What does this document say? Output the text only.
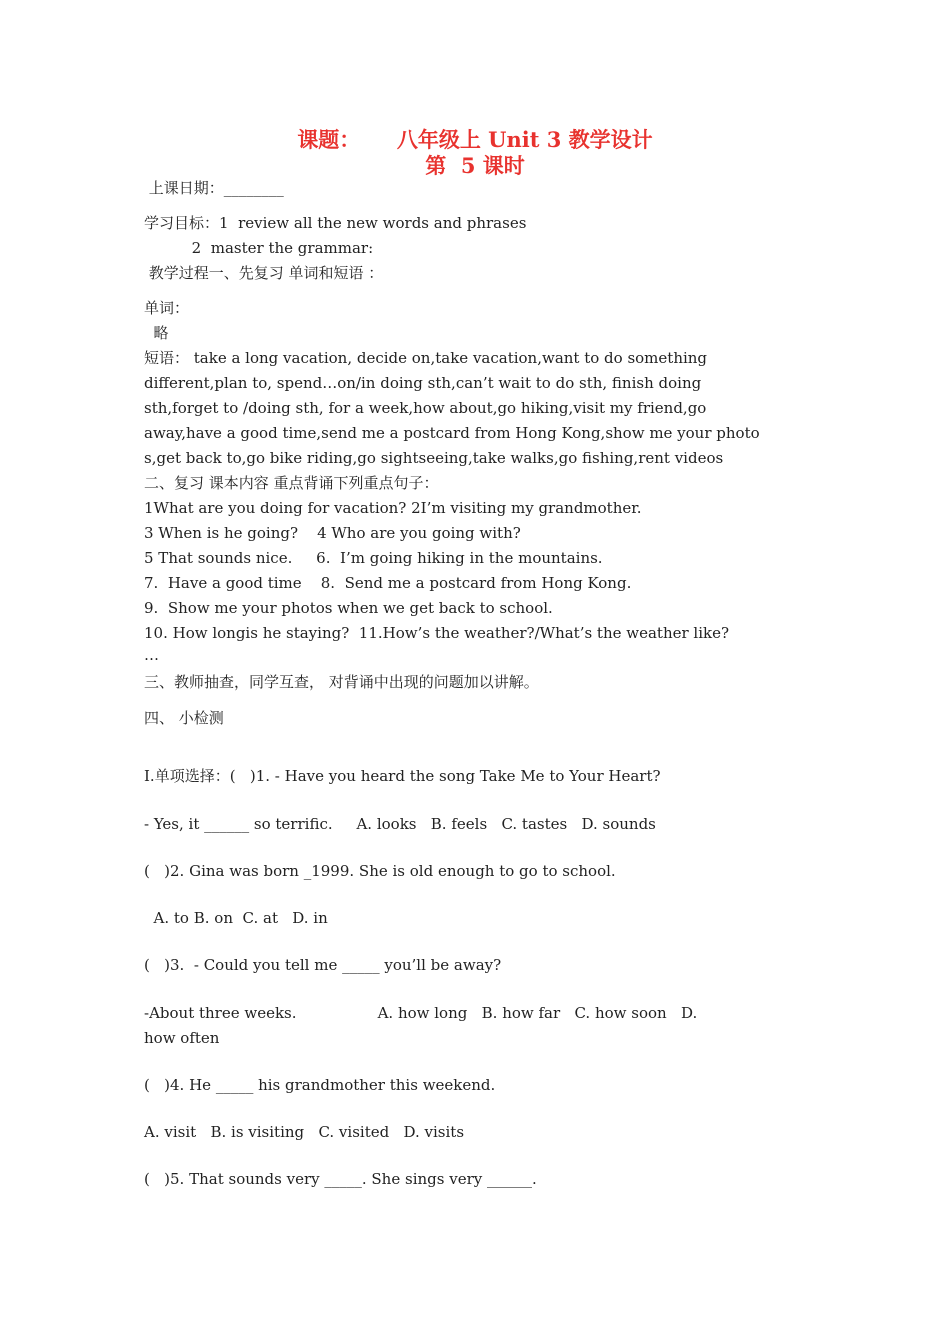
课题：     八年级上 Unit 3 教学设计
第  5 课时
上课日期：________
学习目标：1  review all the new words and phrases
2  master the grammar:
教学过程一、先复习 单词和短语 ：
单词：
略
短语： take a long vacation, decide on,take vacation,want to do something
different,plan to, spend…on/in doing sth,can’t wait to do sth, finish doing
sth,forget to /doing sth, for a week,how about,go hiking,visit my friend,go
away,have a good time,send me a postcard from Hong Kong,show me your photo
s,get back to,go bike riding,go sightseeing,take walks,go fishing,rent videos
二、复习 课本内容 重点背诵下列重点句子：
1What are you doing for vacation? 2I’m visiting my grandmother.
3 When is he going?    4 Who are you going with?
5 That sounds nice.     6.  I’m going hiking in the mountains.
7.  Have a good time    8.  Send me a postcard from Hong Kong.
9.  Show me your photos when we get back to school.
10. How longis he staying?  11.How’s the weather?/What’s the weather like?
…
三、教师抽查，同学互查， 对背诵中出现的问题加以讲解。
四、 小检测
I.单项选择：(   )1. - Have you heard the song Take Me to Your Heart?
- Yes, it ______ so terrific.     A. looks   B. feels   C. tastes   D. sounds
(   )2. Gina was born _1999. She is old enough to go to school.
A. to B. on  C. at   D. in
(   )3.  - Could you tell me _____ you’ll be away?
-About three weeks.                 A. how long   B. how far   C. how soon   D.
how often
(   )4. He _____ his grandmother this weekend.
A. visit   B. is visiting   C. visited   D. visits
(   )5. That sounds very _____. She sings very ______.
